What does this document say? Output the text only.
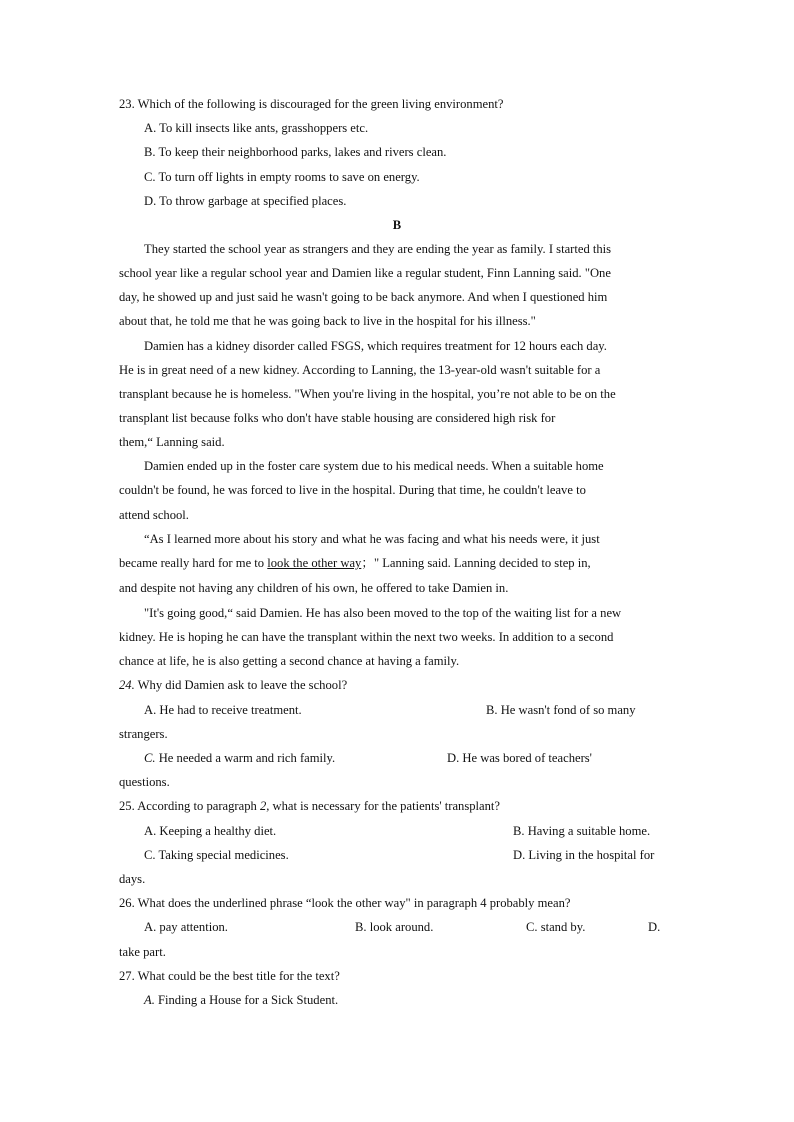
23. Which of the following is discouraged for the green living environment?
A. To kill insects like ants, grasshoppers etc.
B. To keep their neighborhood parks, lakes and rivers clean.
C. To turn off lights in empty rooms to save on energy.
D. To throw garbage at specified places.
B
They started the school year as strangers and they are ending the year as family. I started this
school year like a regular school year and Damien like a regular student, Finn Lanning said. "One
day, he showed up and just said he wasn't going to be back anymore. And when I questioned him
about that, he told me that he was going back to live in the hospital for his illness."
Damien has a kidney disorder called FSGS, which requires treatment for 12 hours each day.
He is in great need of a new kidney. According to Lanning, the 13-year-old wasn't suitable for a
transplant because he is homeless. "When you're living in the hospital, you’re not able to be on the
transplant list because folks who don't have stable housing are considered high risk for
them,“ Lanning said.
Damien ended up in the foster care system due to his medical needs. When a suitable home
couldn't be found, he was forced to live in the hospital. During that time, he couldn't leave to
attend school.
“As I learned more about his story and what he was facing and what his needs were, it just
became really hard for me to look the other way；" Lanning said. Lanning decided to step in,
and despite not having any children of his own, he offered to take Damien in.
"It's going good,“ said Damien. He has also been moved to the top of the waiting list for a new
kidney. He is hoping he can have the transplant within the next two weeks. In addition to a second
chance at life, he is also getting a second chance at having a family.
24. Why did Damien ask to leave the school?
A. He had to receive treatment.	B. He wasn't fond of so many
strangers.
C. He needed a warm and rich family.	D. He was bored of teachers'
questions.
25. According to paragraph 2, what is necessary for the patients' transplant?
A. Keeping a healthy diet.	B. Having a suitable home.
C. Taking special medicines.	D. Living in the hospital for
days.
26. What does the underlined phrase “look the other way" in paragraph 4 probably mean?
A. pay attention.	B. look around.	C. stand by.	D.
take part.
27. What could be the best title for the text?
A. Finding a House for a Sick Student.
